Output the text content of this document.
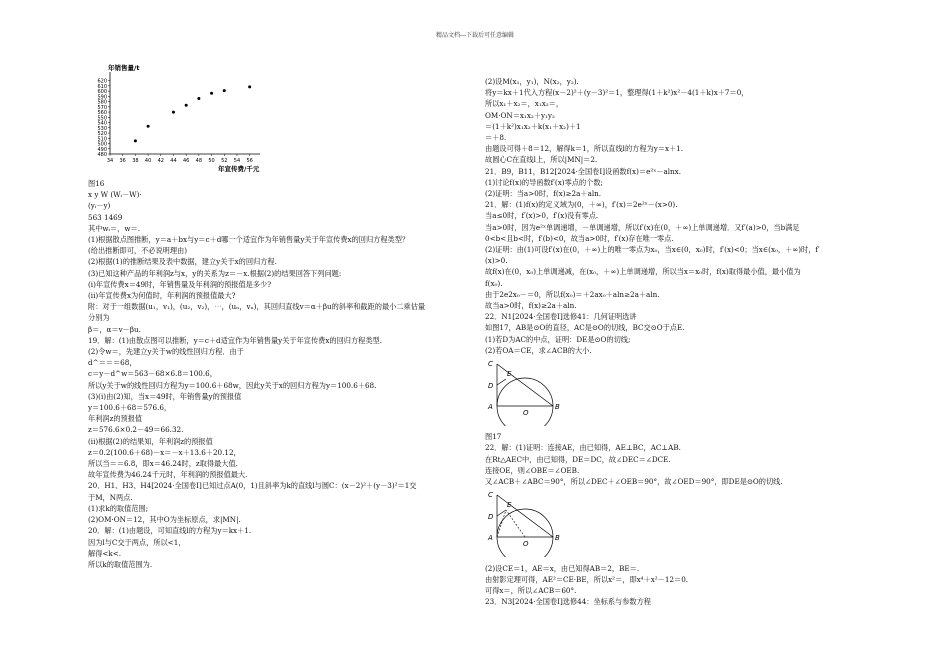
精品文档---下载后可任意编辑
年销售量/t
年宣传费/千元
480
490
500
510
520
530
540
550
560
570
580
590
600
610
620
34 36 38 40 42 44 46 48 50 52 54 56
图16
x y W (Wᵢ－W)·
(yᵢ－y)
563 1469
其中wᵢ＝，w＝.
(1)根据散点图推断，y＝a＋bx与y＝c＋d哪一个适宜作为年销售量y关于年宣传费x的回归方程类型？
(给出推断即可，不必说明理由)
(2)根据(1)的推断结果及表中数据，建立y关于x的回归方程.
(3)已知这种产品的年利润z与x，y的关系为z＝－x.根据(2)的结果回答下列问题:
(i)年宣传费x＝49时，年销售量及年利润的预报值是多少?
(ii)年宣传费x为何值时，年利润的预报值最大?
附：对于一组数据(u₁，v₁)，(u₂，v₂)，⋯，(uₙ，vₙ)，其回归直线v＝α＋βu的斜率和截距的最小二乘估量
分别为
β＝，α＝v－βu.
19．解：(1)由散点图可以推断，y＝c＋d适宜作为年销售量y关于年宣传费x的回归方程类型.
(2)令w＝，先建立y关于w的线性回归方程．由于
d^＝＝＝68，
c＝y－d^w＝563－68×6.8＝100.6，
所以y关于w的线性回归方程为y＝100.6＋68w，因此y关于x的回归方程为y＝100.6＋68.
(3)(i)由(2)知，当x＝49时，年销售量y的预报值
y＝100.6＋68＝576.6，
年利润z的预报值
z＝576.6×0.2－49＝66.32.
(ii)根据(2)的结果知，年利润z的预报值
z＝0.2(100.6＋68)－x＝－x＋13.6＋20.12，
所以当＝＝6.8，即x＝46.24时，z取得最大值.
故年宣传费为46.24千元时，年利润的预报值最大.
20．H1、H3、H4[2024·全国卷Ⅰ]已知过点A(0，1)且斜率为k的直线l与圆C：(x－2)²＋(y－3)²＝1交
于M，N两点.
(1)求k的取值范围;
(2)OM·ON＝12，其中O为坐标原点，求|MN|.
20．解：(1)由题设，可知直线l的方程为y＝kx＋1.
因为l与C交于两点，所以<1，
解得<k<.
所以k的取值范围为.
(2)设M(x₁，y₁)，N(x₂，y₂).
将y＝kx＋1代入方程(x－2)²＋(y－3)²＝1，整理得(1＋k²)x²－4(1＋k)x＋7＝0，
所以x₁＋x₂＝，x₁x₂＝，
OM·ON＝x₁x₂＋y₁y₂
＝(1＋k²)x₁x₂＋k(x₁＋x₂)＋1
＝＋8.
由题设可得＋8＝12，解得k＝1，所以直线l的方程为y＝x＋1.
故圆心C在直线l上，所以|MN|＝2.
21．B9，B11，B12[2024·全国卷Ⅰ]设函数f(x)＝e²ˣ－alnx.
(1)讨论f(x)的导函数f′(x)零点的个数;
(2)证明：当a>0时，f(x)≥2a＋aln.
21．解：(1)f(x)的定义域为(0，＋∞)，f′(x)＝2e²ˣ－(x>0).
当a≤0时，f′(x)>0，f′(x)没有零点.
当a>0时，因为e²ˣ单调递增，－单调递增，所以f′(x)在(0，＋∞)上单调递增．又f′(a)>0，当b满足
0<b<且b<时，f′(b)<0，故当a>0时，f′(x)存在唯一零点.
(2)证明：由(1)可设f′(x)在(0，＋∞)上的唯一零点为x₀，当x∈(0，x₀)时，f′(x)<0；当x∈(x₀，＋∞)时，f′
(x)>0.
故f(x)在(0，x₀)上单调递减，在(x₀，＋∞)上单调递增，所以当x＝x₀时，f(x)取得最小值，最小值为
f(x₀).
由于2e2x₀－＝0，所以f(x₀)＝＋2ax₀＋aln≥2a＋aln.
故当a>0时，f(x)≥2a＋aln.
22．N1[2024·全国卷Ⅰ]选修41：几何证明选讲
如图17，AB是⊙O的直径，AC是⊙O的切线，BC交⊙O于点E.
(1)若D为AC的中点，证明：DE是⊙O的切线;
(2)若OA＝CE，求∠ACB的大小.
C
E
D
A
O
B
图17
22．解：(1)证明：连接AE，由已知得，AE⊥BC，AC⊥AB.
在Rt△AEC中，由已知得，DE＝DC，故∠DEC＝∠DCE.
连接OE，则∠OBE＝∠OEB.
又∠ACB＋∠ABC＝90°，所以∠DEC＋∠OEB＝90°，故∠OED＝90°，即DE是⊙O的切线.
C
E
D
A
O
B
(2)设CE＝1，AE＝x，由已知得AB＝2，BE＝.
由射影定理可得，AE²＝CE·BE，所以x²＝，即x⁴＋x²－12＝0.
可得x＝，所以∠ACB＝60°.
23．N3[2024·全国卷Ⅰ]选修44：坐标系与参数方程
